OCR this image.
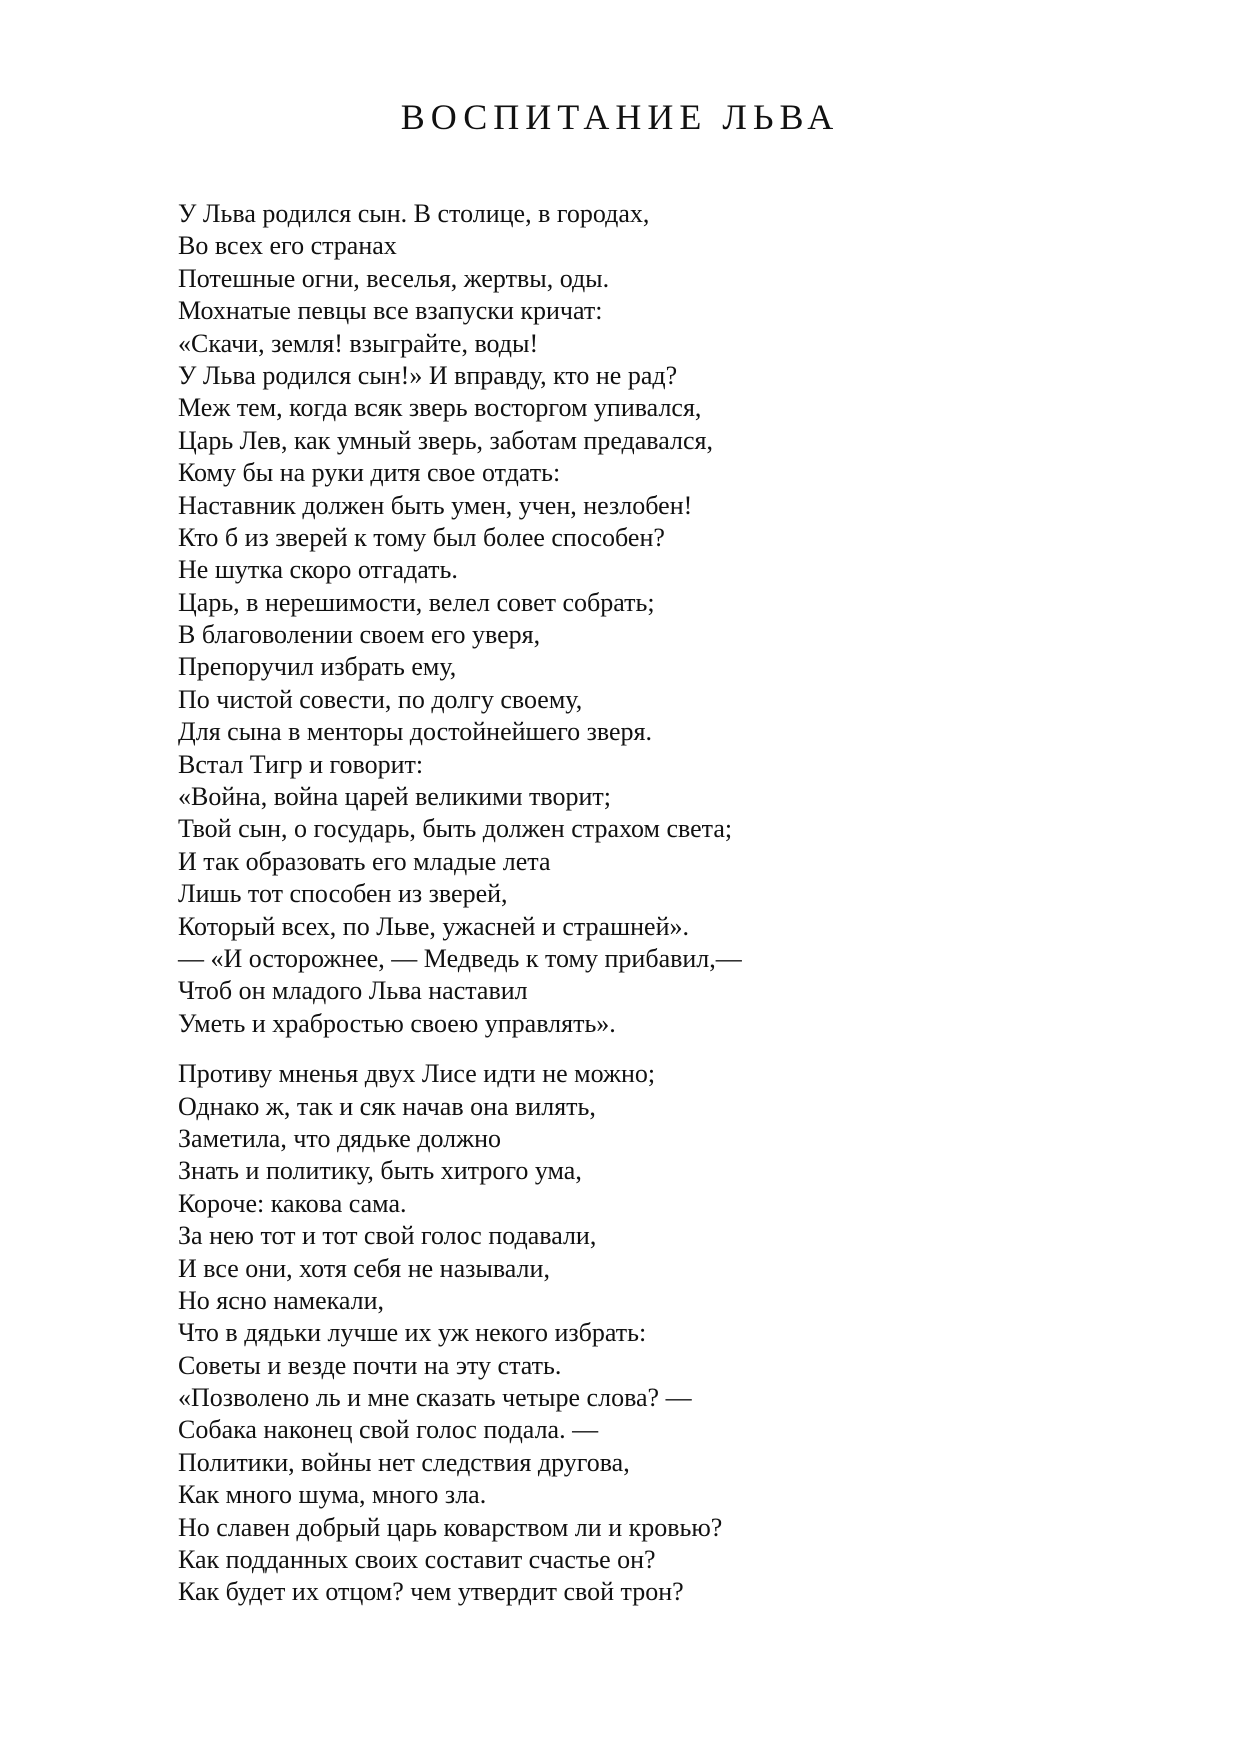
ВОСПИТАНИЕ ЛЬВА
У Льва родился сын. В столице, в городах,
Во всех его странах
Потешные огни, веселья, жертвы, оды.
Мохнатые певцы все взапуски кричат:
«Скачи, земля! взыграйте, воды!
У Льва родился сын!» И вправду, кто не рад?
Меж тем, когда всяк зверь восторгом упивался,
Царь Лев, как умный зверь, заботам предавался,
Кому бы на руки дитя свое отдать:
Наставник должен быть умен, учен, незлобен!
Кто б из зверей к тому был более способен?
Не шутка скоро отгадать.
Царь, в нерешимости, велел совет собрать;
В благоволении своем его уверя,
Препоручил избрать ему,
По чистой совести, по долгу своему,
Для сына в менторы достойнейшего зверя.
Встал Тигр и говорит:
«Война, война царей великими творит;
Твой сын, о государь, быть должен страхом света;
И так образовать его младые лета
Лишь тот способен из зверей,
Который всех, по Льве, ужасней и страшней».
— «И осторожнее, — Медведь к тому прибавил,—
Чтоб он младого Льва наставил
Уметь и храбростью своею управлять».
Противу мненья двух Лисе идти не можно;
Однако ж, так и сяк начав она вилять,
Заметила, что дядьке должно
Знать и политику, быть хитрого ума,
Короче: какова сама.
За нею тот и тот свой голос подавали,
И все они, хотя себя не называли,
Но ясно намекали,
Что в дядьки лучше их уж некого избрать:
Советы и везде почти на эту стать.
«Позволено ль и мне сказать четыре слова? —
Собака наконец свой голос подала. —
Политики, войны нет следствия другова,
Как много шума, много зла.
Но славен добрый царь коварством ли и кровью?
Как подданных своих составит счастье он?
Как будет их отцом? чем утвердит свой трон?
